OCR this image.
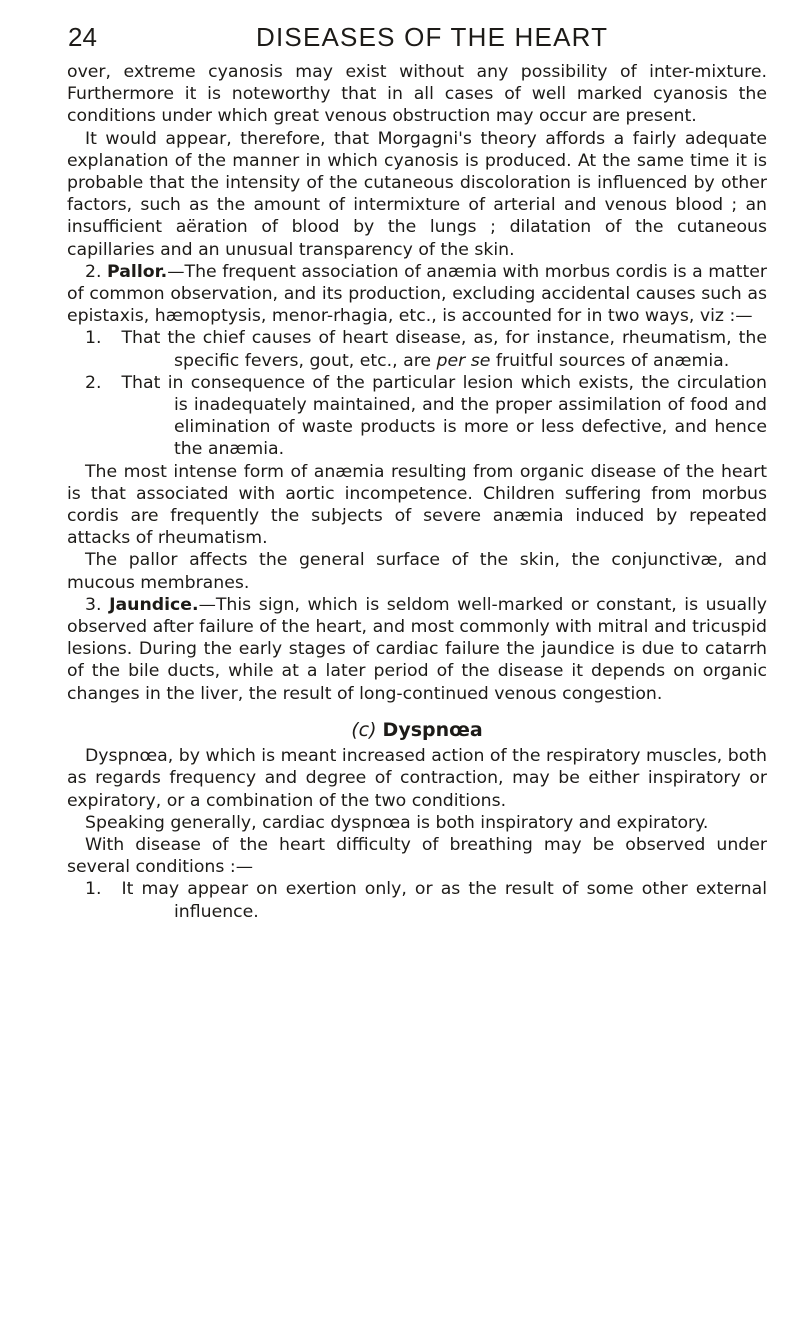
24	DISEASES OF THE HEART

over, extreme cyanosis may exist without any possibility of inter-mixture. Furthermore it is noteworthy that in all cases of well marked cyanosis the conditions under which great venous obstruction may occur are present.

It would appear, therefore, that Morgagni's theory affords a fairly adequate explanation of the manner in which cyanosis is produced. At the same time it is probable that the intensity of the cutaneous discoloration is influenced by other factors, such as the amount of intermixture of arterial and venous blood ; an insufficient aëration of blood by the lungs ; dilatation of the cutaneous capillaries and an unusual transparency of the skin.

2. Pallor.—The frequent association of anæmia with morbus cordis is a matter of common observation, and its production, excluding accidental causes such as epistaxis, hæmoptysis, menor-rhagia, etc., is accounted for in two ways, viz :—

1. That the chief causes of heart disease, as, for instance, rheumatism, the specific fevers, gout, etc., are per se fruitful sources of anæmia.

2. That in consequence of the particular lesion which exists, the circulation is inadequately maintained, and the proper assimilation of food and elimination of waste products is more or less defective, and hence the anæmia.

The most intense form of anæmia resulting from organic disease of the heart is that associated with aortic incompetence. Children suffering from morbus cordis are frequently the subjects of severe anæmia induced by repeated attacks of rheumatism.

The pallor affects the general surface of the skin, the conjunctivæ, and mucous membranes.

3. Jaundice.—This sign, which is seldom well-marked or constant, is usually observed after failure of the heart, and most commonly with mitral and tricuspid lesions. During the early stages of cardiac failure the jaundice is due to catarrh of the bile ducts, while at a later period of the disease it depends on organic changes in the liver, the result of long-continued venous congestion.

(c) Dyspnœa

Dyspnœa, by which is meant increased action of the respiratory muscles, both as regards frequency and degree of contraction, may be either inspiratory or expiratory, or a combination of the two conditions.

Speaking generally, cardiac dyspnœa is both inspiratory and expiratory.

With disease of the heart difficulty of breathing may be observed under several conditions :—

1. It may appear on exertion only, or as the result of some other external influence.
